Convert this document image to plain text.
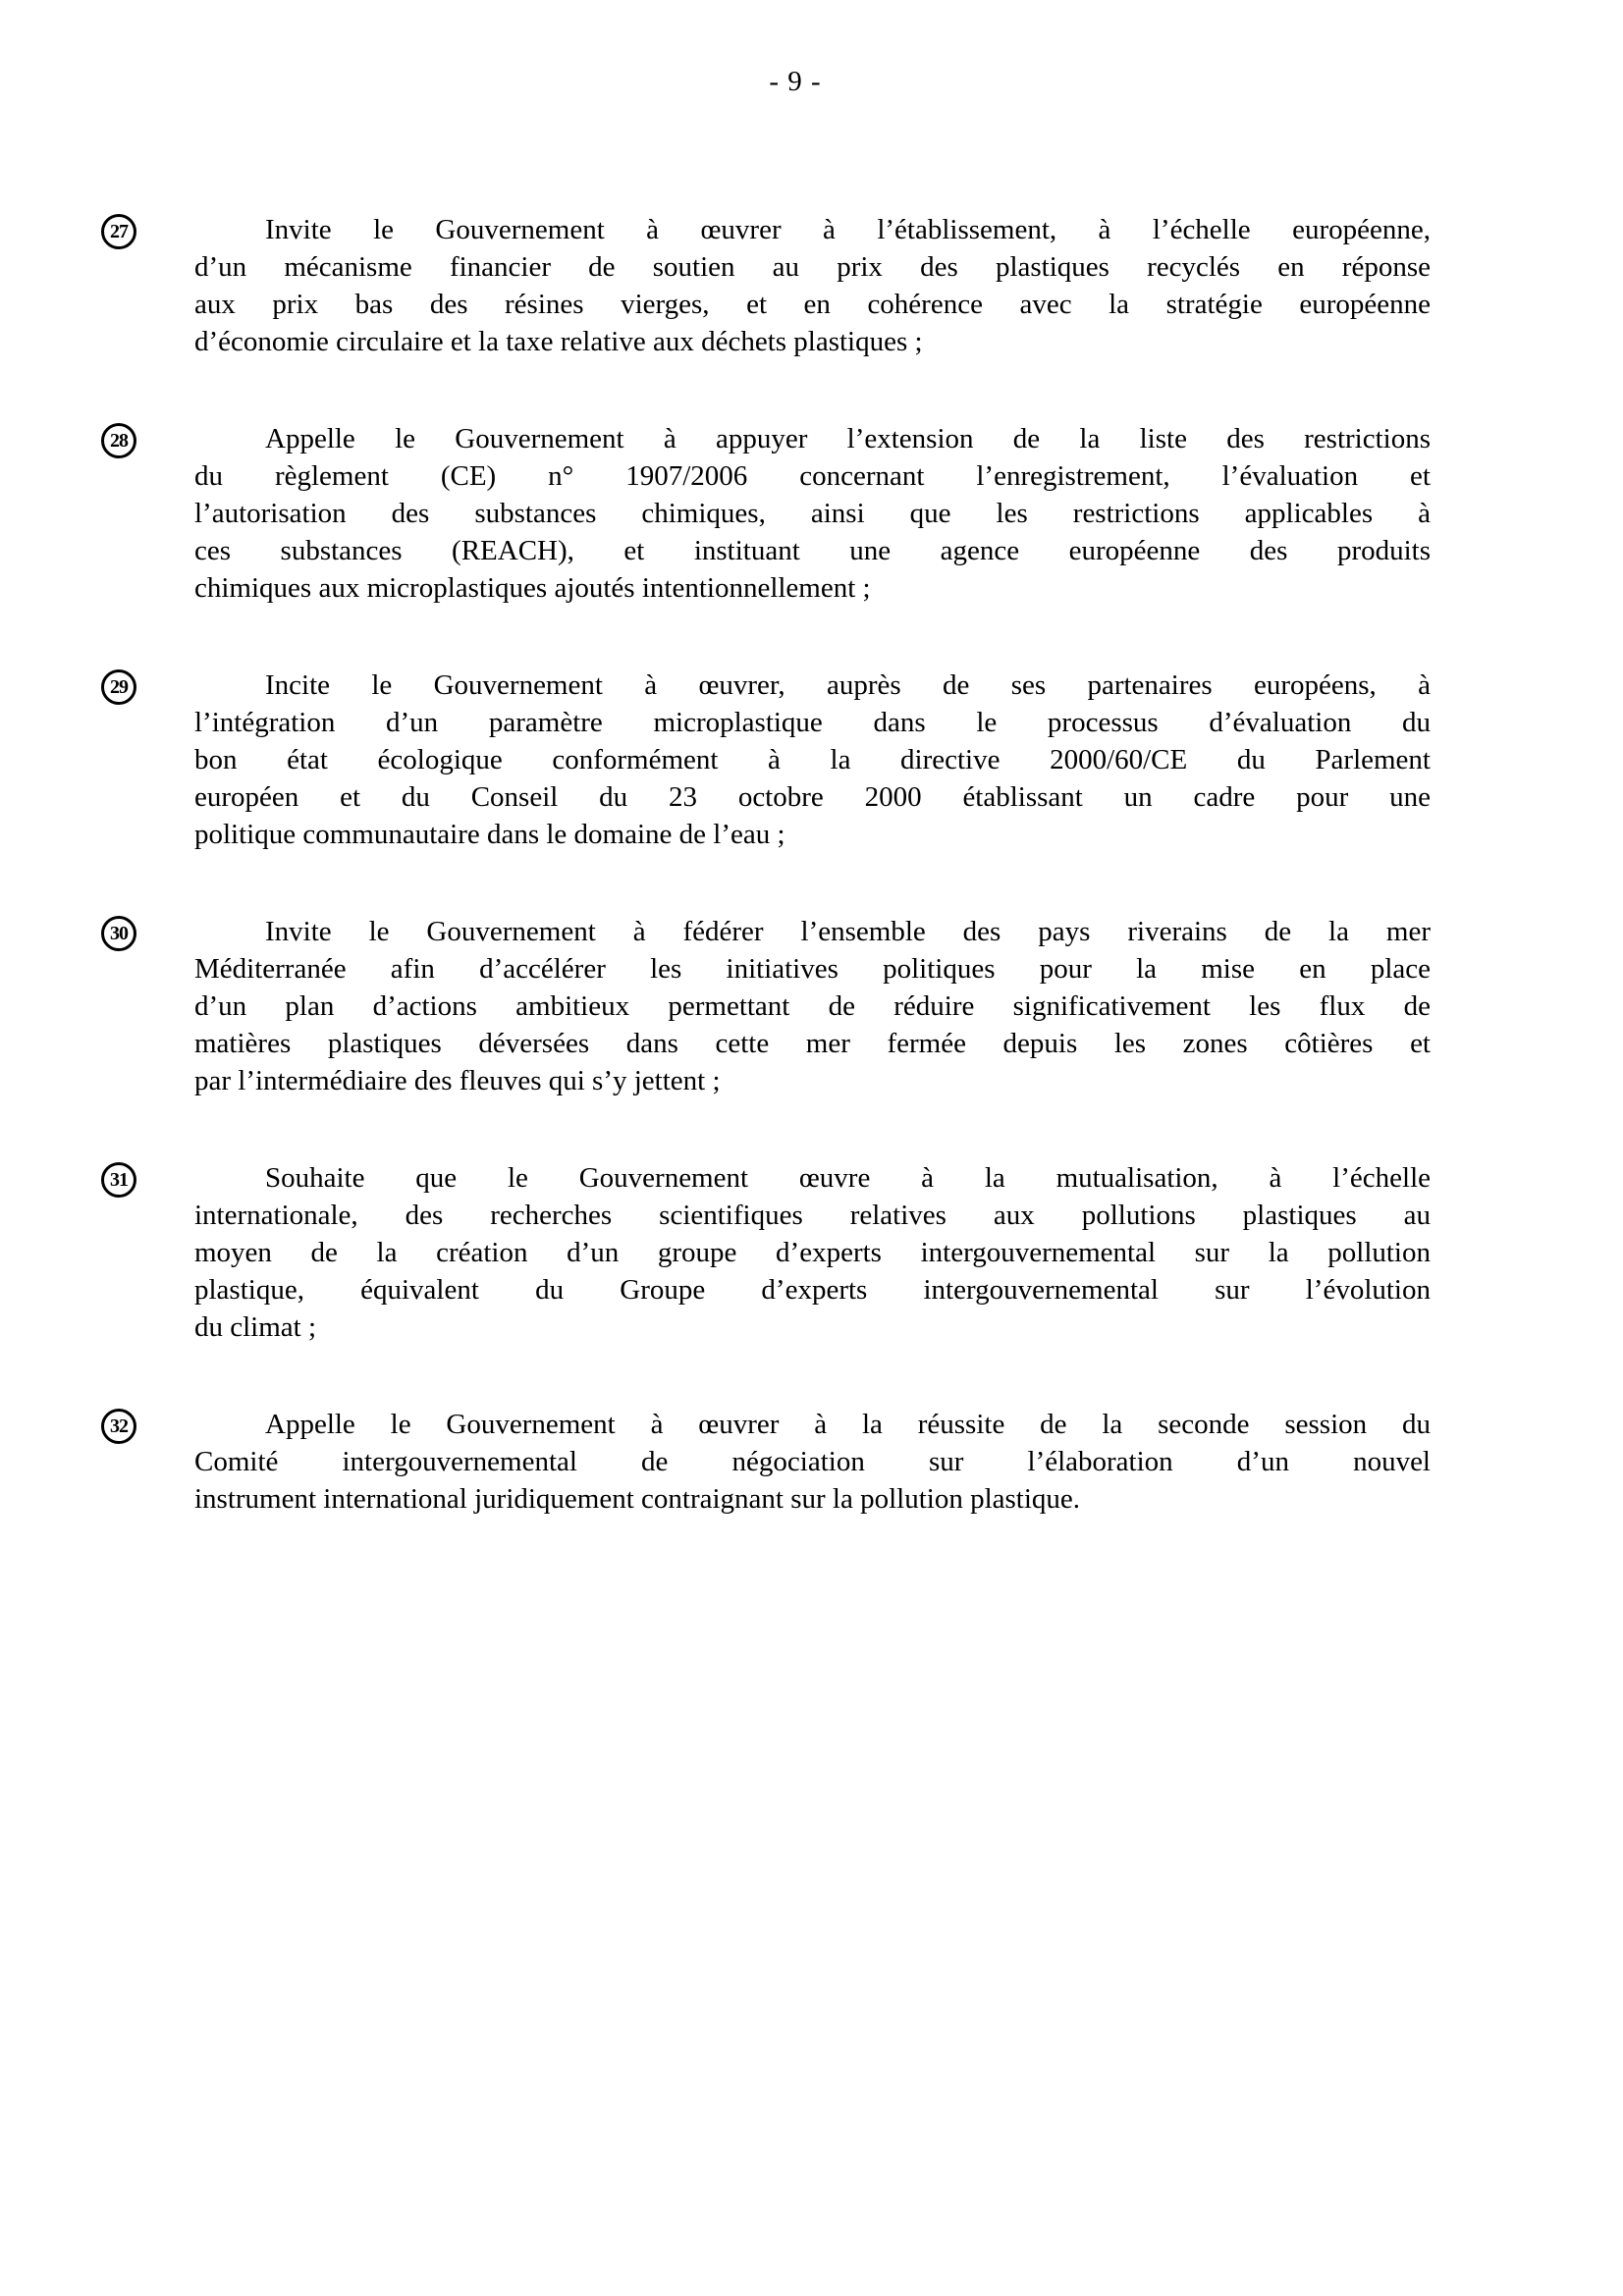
- 9 -
27	Invite le Gouvernement à œuvrer à l’établissement, à l’échelle européenne,
d’un mécanisme financier de soutien au prix des plastiques recyclés en réponse
aux prix bas des résines vierges, et en cohérence avec la stratégie européenne
d’économie circulaire et la taxe relative aux déchets plastiques ;
28	Appelle le Gouvernement à appuyer l’extension de la liste des restrictions
du règlement (CE) n° 1907/2006 concernant l’enregistrement, l’évaluation et
l’autorisation des substances chimiques, ainsi que les restrictions applicables à
ces substances (REACH), et instituant une agence européenne des produits
chimiques aux microplastiques ajoutés intentionnellement ;
29	Incite le Gouvernement à œuvrer, auprès de ses partenaires européens, à
l’intégration d’un paramètre microplastique dans le processus d’évaluation du
bon état écologique conformément à la directive 2000/60/CE du Parlement
européen et du Conseil du 23 octobre 2000 établissant un cadre pour une
politique communautaire dans le domaine de l’eau ;
30	Invite le Gouvernement à fédérer l’ensemble des pays riverains de la mer
Méditerranée afin d’accélérer les initiatives politiques pour la mise en place
d’un plan d’actions ambitieux permettant de réduire significativement les flux de
matières plastiques déversées dans cette mer fermée depuis les zones côtières et
par l’intermédiaire des fleuves qui s’y jettent ;
31	Souhaite que le Gouvernement œuvre à la mutualisation, à l’échelle
internationale, des recherches scientifiques relatives aux pollutions plastiques au
moyen de la création d’un groupe d’experts intergouvernemental sur la pollution
plastique, équivalent du Groupe d’experts intergouvernemental sur l’évolution
du climat ;
32	Appelle le Gouvernement à œuvrer à la réussite de la seconde session du
Comité intergouvernemental de négociation sur l’élaboration d’un nouvel
instrument international juridiquement contraignant sur la pollution plastique.
